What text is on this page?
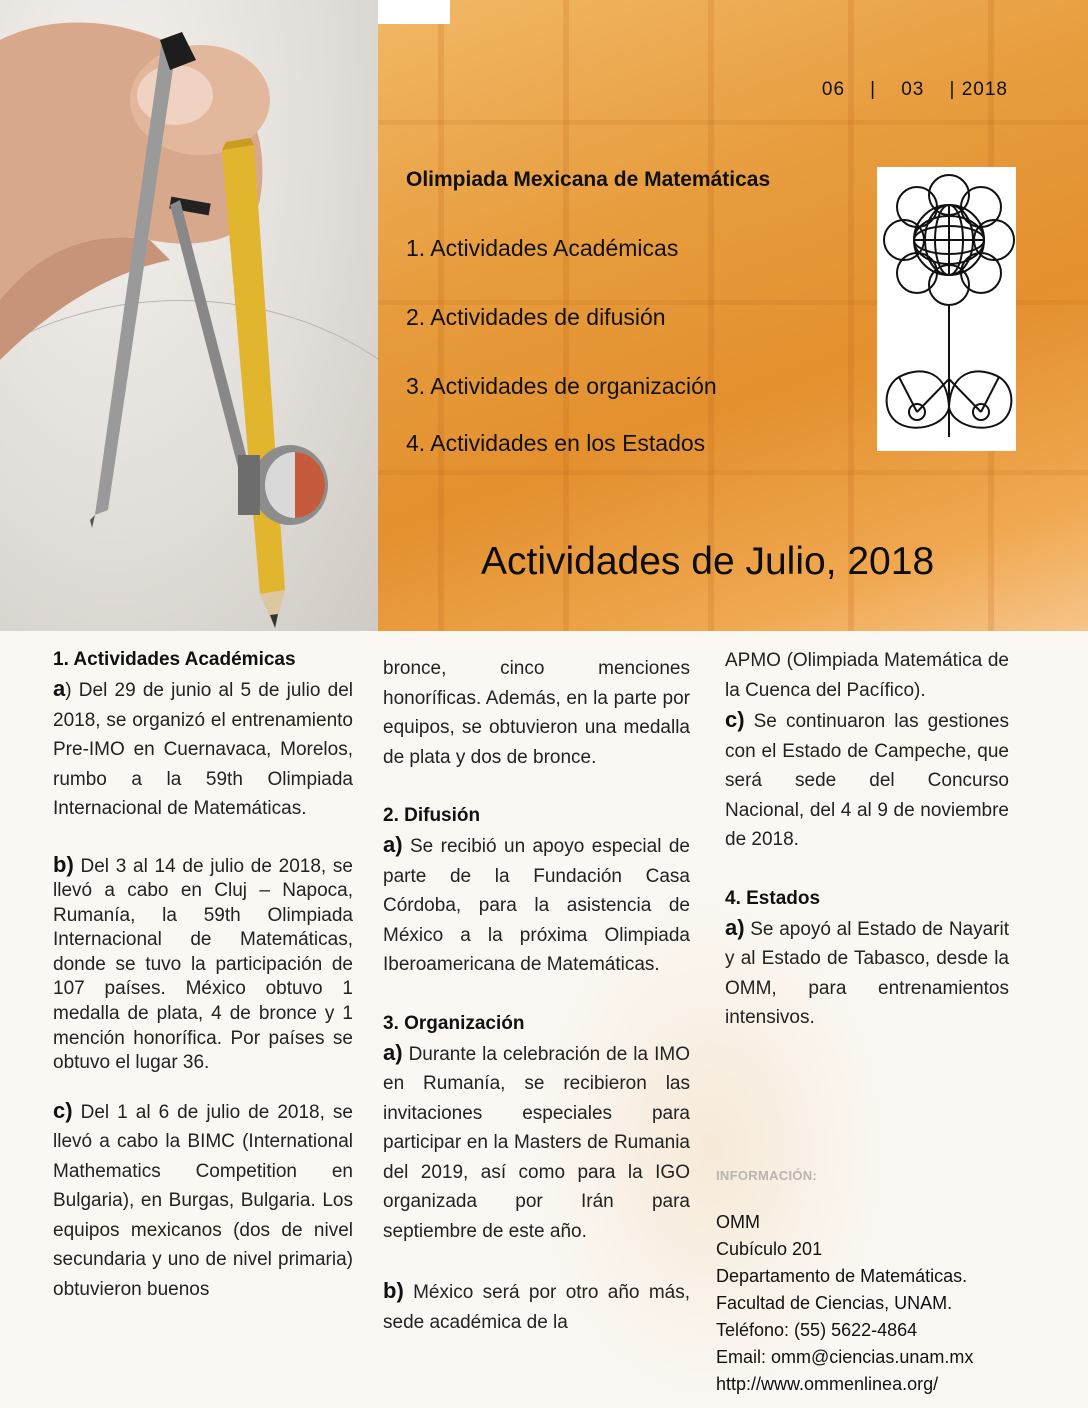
06 | 03 | 2018
Olimpiada Mexicana de Matemáticas
1. Actividades Académicas
2. Actividades de difusión
3. Actividades de organización
4. Actividades en los Estados
Actividades de Julio, 2018
1. Actividades Académicas

a) Del 29 de junio al 5 de julio del 2018, se organizó el entrenamiento Pre-IMO en Cuernavaca, Morelos, rumbo a la 59th Olimpiada Internacional de Matemáticas.

b) Del 3 al 14 de julio de 2018, se llevó a cabo en Cluj – Napoca, Rumanía, la 59th Olimpiada Internacional de Matemáticas, donde se tuvo la participación de 107 países. México obtuvo 1 medalla de plata, 4 de bronce y 1 mención honorífica. Por países se obtuvo el lugar 36.

c) Del 1 al 6 de julio de 2018, se llevó a cabo la BIMC (International Mathematics Competition en Bulgaria), en Burgas, Bulgaria. Los equipos mexicanos (dos de nivel secundaria y uno de nivel primaria) obtuvieron buenos

bronce, cinco menciones honoríficas. Además, en la parte por equipos, se obtuvieron una medalla de plata y dos de bronce.

2. Difusión

a) Se recibió un apoyo especial de parte de la Fundación Casa Córdoba, para la asistencia de México a la próxima Olimpiada Iberoamericana de Matemáticas.

3. Organización

a) Durante la celebración de la IMO en Rumanía, se recibieron las invitaciones especiales para participar en la Masters de Rumania del 2019, así como para la IGO organizada por Irán para septiembre de este año.

b) México será por otro año más, sede académica de la

APMO (Olimpiada Matemática de la Cuenca del Pacífico).

c) Se continuaron las gestiones con el Estado de Campeche, que será sede del Concurso Nacional, del 4 al 9 de noviembre de 2018.

4. Estados

a) Se apoyó al Estado de Nayarit y al Estado de Tabasco, desde la OMM, para entrenamientos intensivos.

INFORMACIÓN:
OMM
Cubículo 201
Departamento de Matemáticas.
Facultad de Ciencias, UNAM.
Teléfono: (55) 5622-4864
Email: omm@ciencias.unam.mx
http://www.ommenlinea.org/
